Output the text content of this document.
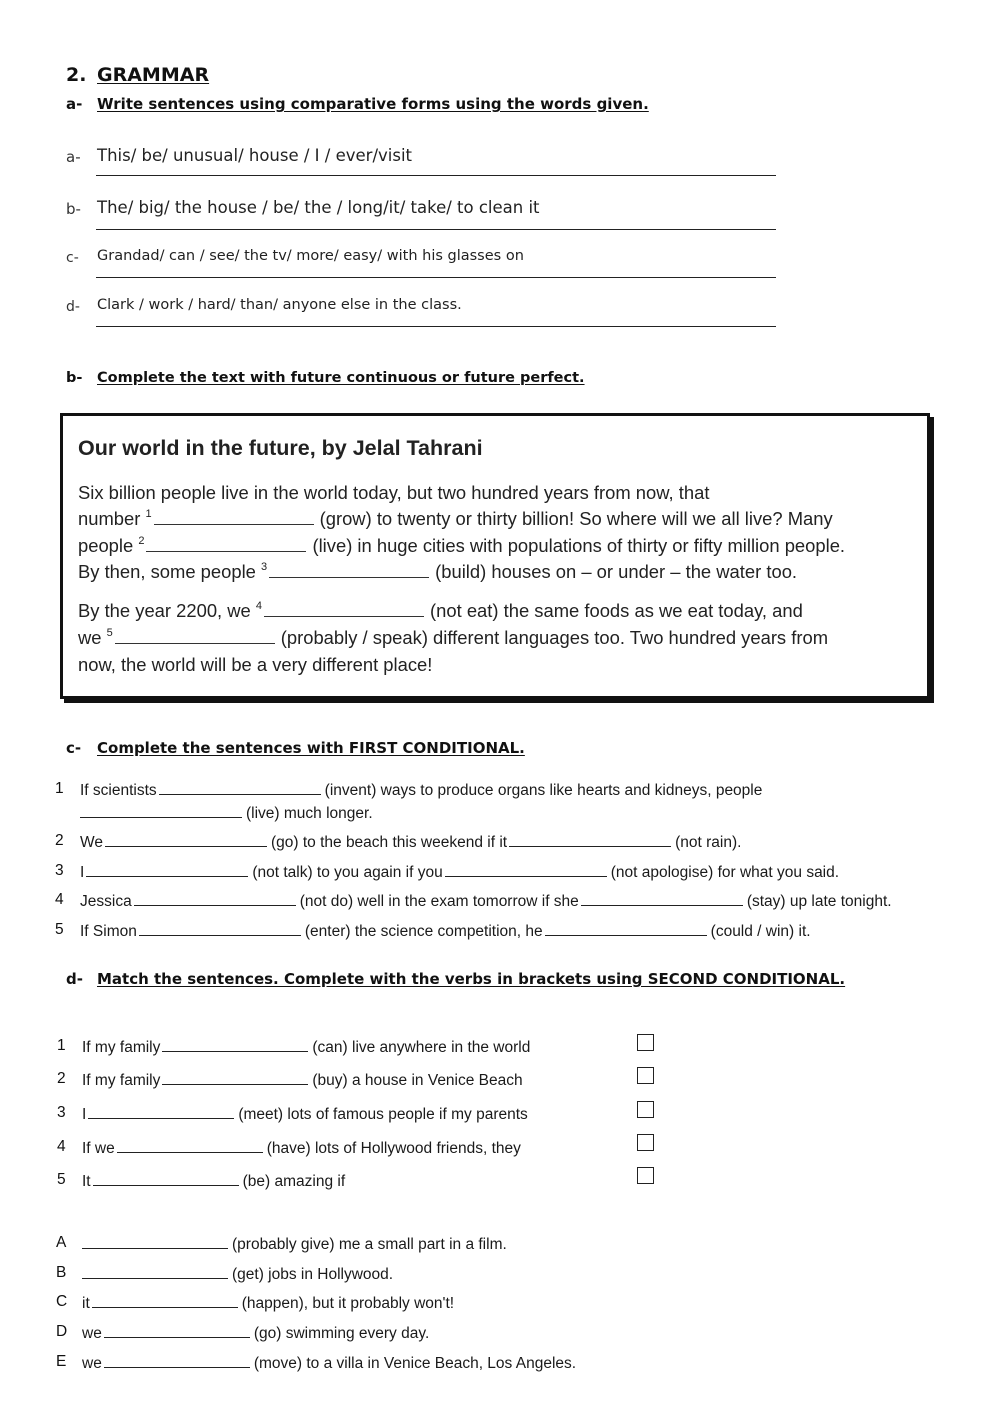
2. GRAMMAR
a- Write sentences using comparative forms using the words given.
a- This/ be/ unusual/ house / I / ever/visit
b- The/ big/ the house / be/ the / long/it/ take/ to clean it
c- Grandad/ can / see/ the tv/ more/ easy/ with his glasses on
d- Clark / work / hard/ than/ anyone else in the class.
b- Complete the text with future continuous or future perfect.
Our world in the future, by Jelal Tahrani
Six billion people live in the world today, but two hundred years from now, that
number $^1$	(grow) to twenty or thirty billion! So where will we all live? Many
people $^2$	(live) in huge cities with populations of thirty or fifty million people.
By then, some people $^3$	(build) houses on – or under – the water too.
By the year 2200, we $^4$	(not eat) the same foods as we eat today, and
we $^5$	(probably / speak) different languages too. Two hundred years from
now, the world will be a very different place!
c- Complete the sentences with FIRST CONDITIONAL.
1 If scientists	(invent) ways to produce organs like hearts and kidneys, people
(live) much longer.
2 We	(go) to the beach this weekend if it	(not rain).
3 I	(not talk) to you again if you	(not apologise) for what you said.
4 Jessica	(not do) well in the exam tomorrow if she	(stay) up late tonight.
5 If Simon	(enter) the science competition, he	(could / win) it.
d- Match the sentences. Complete with the verbs in brackets using SECOND CONDITIONAL.
1 If my family	(can) live anywhere in the world
2 If my family	(buy) a house in Venice Beach
3 I	(meet) lots of famous people if my parents
4 If we	(have) lots of Hollywood friends, they
5 It	(be) amazing if
A	(probably give) me a small part in a film.
B	(get) jobs in Hollywood.
C it	(happen), but it probably won't!
D we	(go) swimming every day.
E we	(move) to a villa in Venice Beach, Los Angeles.
